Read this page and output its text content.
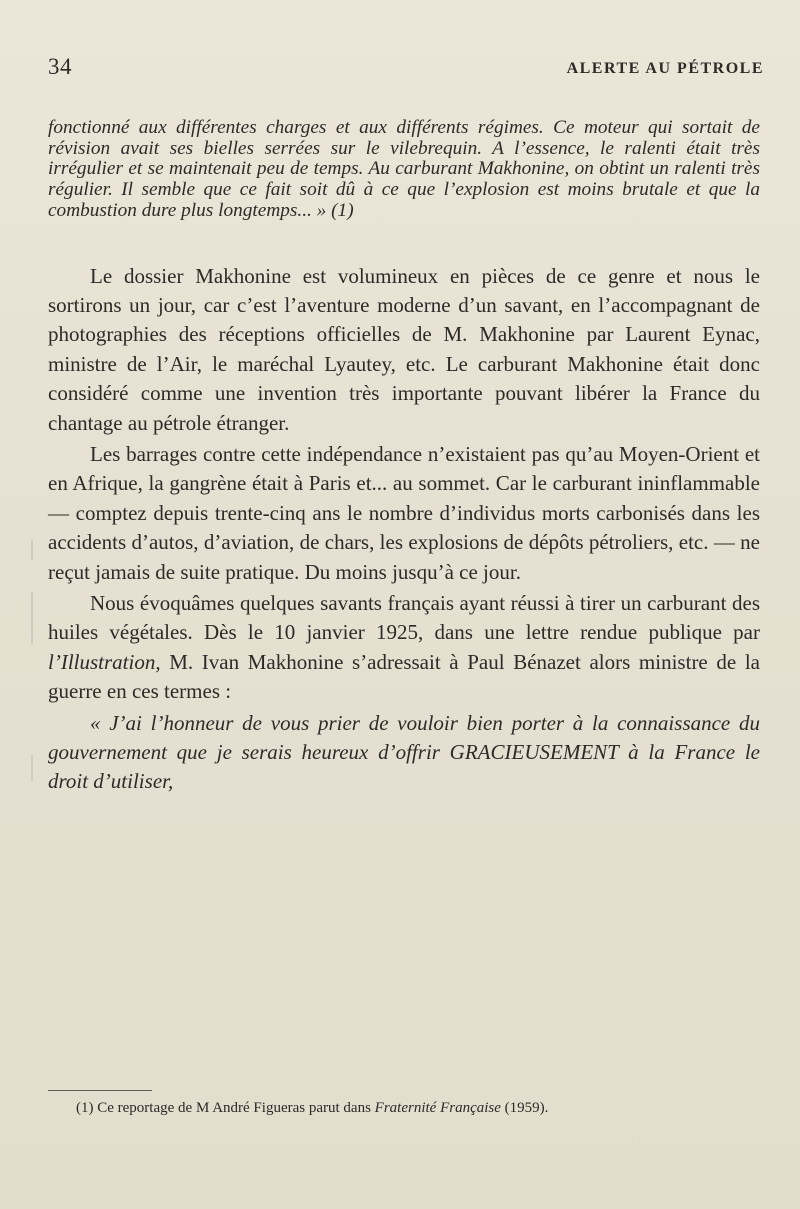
34	ALERTE AU PÉTROLE

fonctionné aux différentes charges et aux différents régimes. Ce moteur qui sortait de révision avait ses bielles serrées sur le vilebrequin. A l’essence, le ralenti était très irrégulier et se maintenait peu de temps. Au carburant Makhonine, on obtint un ralenti très régulier. Il semble que ce fait soit dû à ce que l’explosion est moins brutale et que la combustion dure plus longtemps... » (1)

Le dossier Makhonine est volumineux en pièces de ce genre et nous le sortirons un jour, car c’est l’aventure moderne d’un savant, en l’accompagnant de photographies des réceptions officielles de M. Makhonine par Laurent Eynac, ministre de l’Air, le maréchal Lyautey, etc. Le carburant Makhonine était donc considéré comme une invention très importante pouvant libérer la France du chantage au pétrole étranger.

Les barrages contre cette indépendance n’existaient pas qu’au Moyen-Orient et en Afrique, la gangrène était à Paris et... au sommet. Car le carburant ininflammable — comptez depuis trente-cinq ans le nombre d’individus morts carbonisés dans les accidents d’autos, d’aviation, de chars, les explosions de dépôts pétroliers, etc. — ne reçut jamais de suite pratique. Du moins jusqu’à ce jour.

Nous évoquâmes quelques savants français ayant réussi à tirer un carburant des huiles végétales. Dès le 10 janvier 1925, dans une lettre rendue publique par l’Illustration, M. Ivan Makhonine s’adressait à Paul Bénazet alors ministre de la guerre en ces termes :

« J’ai l’honneur de vous prier de vouloir bien porter à la connaissance du gouvernement que je serais heureux d’offrir GRACIEUSEMENT à la France le droit d’utiliser,

(1) Ce reportage de M André Figueras parut dans Fraternité Française (1959).
